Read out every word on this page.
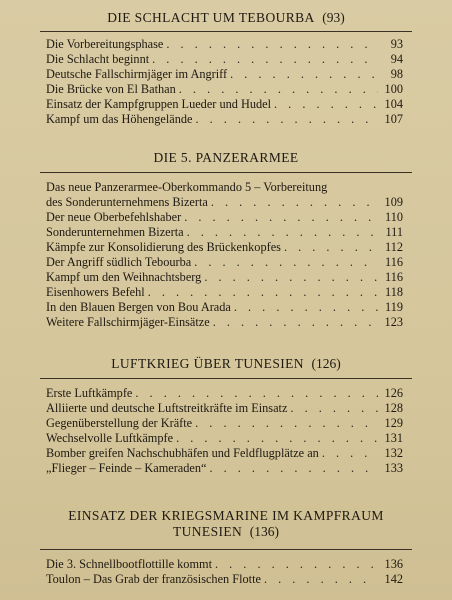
DIE SCHLACHT UM TEBOURBA (93)
Die Vorbereitungsphase . . .	93
Die Schlacht beginnt . . .	94
Deutsche Fallschirmjäger im Angriff . . .	98
Die Brücke von El Bathan . . .	100
Einsatz der Kampfgruppen Lueder und Hudel . . .	104
Kampf um das Höhengelände . . .	107
DIE 5. PANZERARMEE
Das neue Panzerarmee-Oberkommando 5 – Vorbereitung
des Sonderunternehmens Bizerta . . .	109
Der neue Oberbefehlshaber . . .	110
Sonderunternehmen Bizerta . . .	111
Kämpfe zur Konsolidierung des Brückenkopfes . . .	112
Der Angriff südlich Tebourba . . .	116
Kampf um den Weihnachtsberg . . .	116
Eisenhowers Befehl . . .	118
In den Blauen Bergen von Bou Arada . . .	119
Weitere Fallschirmjäger-Einsätze . . .	123
LUFTKRIEG ÜBER TUNESIEN (126)
Erste Luftkämpfe . . .	126
Alliierte und deutsche Luftstreitkräfte im Einsatz . . .	128
Gegenüberstellung der Kräfte . . .	129
Wechselvolle Luftkämpfe . . .	131
Bomber greifen Nachschubhäfen und Feldflugplätze an . . .	132
„Flieger – Feinde – Kameraden“ . . .	133
EINSATZ DER KRIEGSMARINE IM KAMPFRAUM
TUNESIEN (136)
Die 3. Schnellbootflottille kommt . . .	136
Toulon – Das Grab der französischen Flotte . . .	142
